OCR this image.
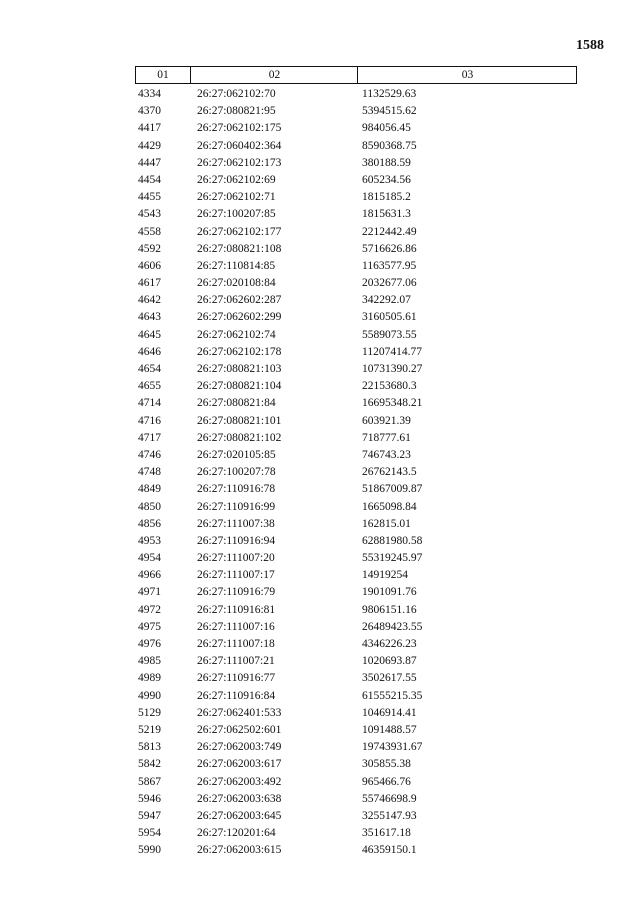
1588
01	02	03
4334	26:27:062102:70	1132529.63
4370	26:27:080821:95	5394515.62
4417	26:27:062102:175	984056.45
4429	26:27:060402:364	8590368.75
4447	26:27:062102:173	380188.59
4454	26:27:062102:69	605234.56
4455	26:27:062102:71	1815185.2
4543	26:27:100207:85	1815631.3
4558	26:27:062102:177	2212442.49
4592	26:27:080821:108	5716626.86
4606	26:27:110814:85	1163577.95
4617	26:27:020108:84	2032677.06
4642	26:27:062602:287	342292.07
4643	26:27:062602:299	3160505.61
4645	26:27:062102:74	5589073.55
4646	26:27:062102:178	11207414.77
4654	26:27:080821:103	10731390.27
4655	26:27:080821:104	22153680.3
4714	26:27:080821:84	16695348.21
4716	26:27:080821:101	603921.39
4717	26:27:080821:102	718777.61
4746	26:27:020105:85	746743.23
4748	26:27:100207:78	26762143.5
4849	26:27:110916:78	51867009.87
4850	26:27:110916:99	1665098.84
4856	26:27:111007:38	162815.01
4953	26:27:110916:94	62881980.58
4954	26:27:111007:20	55319245.97
4966	26:27:111007:17	14919254
4971	26:27:110916:79	1901091.76
4972	26:27:110916:81	9806151.16
4975	26:27:111007:16	26489423.55
4976	26:27:111007:18	4346226.23
4985	26:27:111007:21	1020693.87
4989	26:27:110916:77	3502617.55
4990	26:27:110916:84	61555215.35
5129	26:27:062401:533	1046914.41
5219	26:27:062502:601	1091488.57
5813	26:27:062003:749	19743931.67
5842	26:27:062003:617	305855.38
5867	26:27:062003:492	965466.76
5946	26:27:062003:638	55746698.9
5947	26:27:062003:645	3255147.93
5954	26:27:120201:64	351617.18
5990	26:27:062003:615	46359150.1
